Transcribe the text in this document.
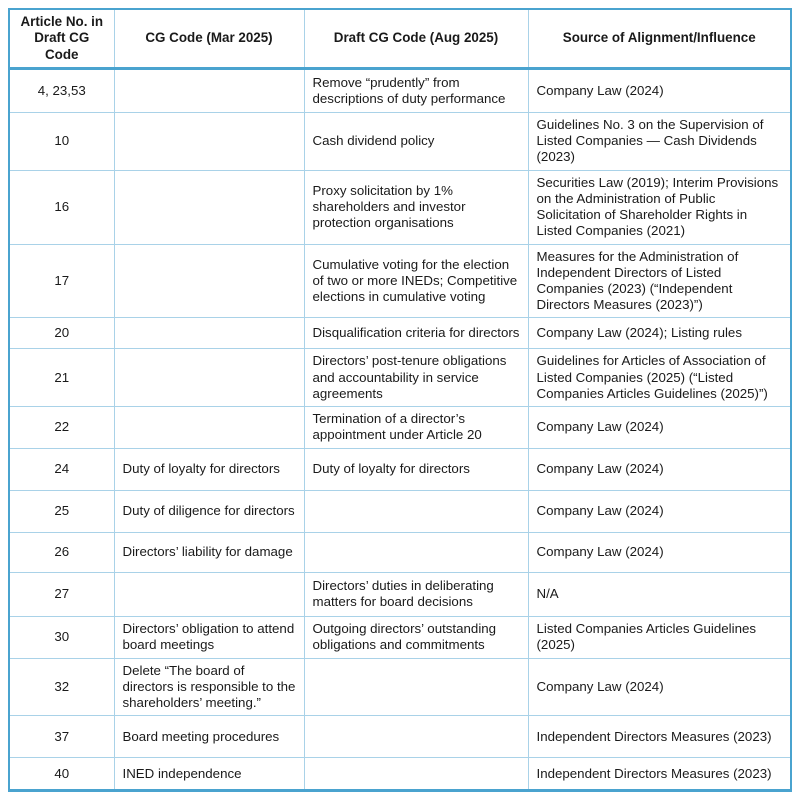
Article No. in Draft CG Code	CG Code (Mar 2025)	Draft CG Code (Aug 2025)	Source of Alignment/Influence
4, 23,53		Remove “prudently” from descriptions of duty performance	Company Law (2024)
10		Cash dividend policy	Guidelines No. 3 on the Supervision of Listed Companies — Cash Dividends (2023)
16		Proxy solicitation by 1% shareholders and investor protection organisations	Securities Law (2019); Interim Provisions on the Administration of Public Solicitation of Shareholder Rights in Listed Companies (2021)
17		Cumulative voting for the election of two or more INEDs; Competitive elections in cumulative voting	Measures for the Administration of Independent Directors of Listed Companies (2023) (“Independent Directors Measures (2023)”)
20		Disqualification criteria for directors	Company Law (2024); Listing rules
21		Directors’ post-tenure obligations and accountability in service agreements	Guidelines for Articles of Association of Listed Companies (2025) (“Listed Companies Articles Guidelines (2025)”)
22		Termination of a director’s appointment under Article 20	Company Law (2024)
24	Duty of loyalty for directors	Duty of loyalty for directors	Company Law (2024)
25	Duty of diligence for directors		Company Law (2024)
26	Directors’ liability for damage		Company Law (2024)
27		Directors’ duties in deliberating matters for board decisions	N/A
30	Directors’ obligation to attend board meetings	Outgoing directors’ outstanding obligations and commitments	Listed Companies Articles Guidelines (2025)
32	Delete “The board of directors is responsible to the shareholders’ meeting.”		Company Law (2024)
37	Board meeting procedures		Independent Directors Measures (2023)
40	INED independence		Independent Directors Measures (2023)
